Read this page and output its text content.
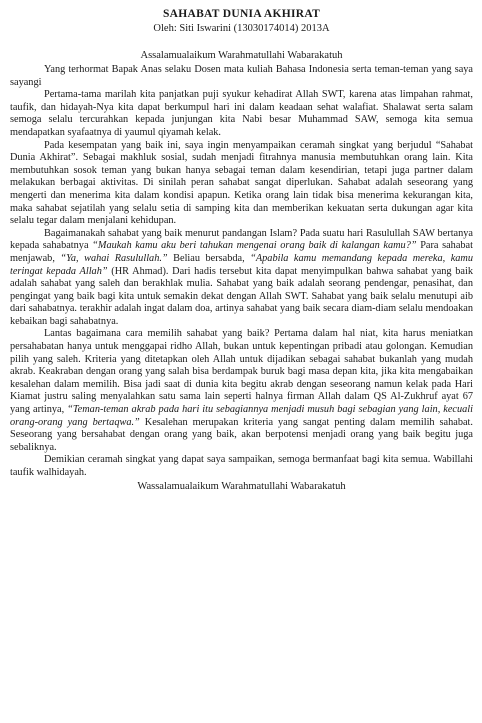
SAHABAT DUNIA AKHIRAT
Oleh: Siti Iswarini (13030174014) 2013A
Assalamualaikum Warahmatullahi Wabarakatuh

Yang terhormat Bapak Anas selaku Dosen mata kuliah Bahasa Indonesia serta teman-teman yang saya sayangi

Pertama-tama marilah kita panjatkan puji syukur kehadirat Allah SWT, karena atas limpahan rahmat, taufik, dan hidayah-Nya kita dapat berkumpul hari ini dalam keadaan sehat walafiat. Shalawat serta salam semoga selalu tercurahkan kepada junjungan kita Nabi besar Muhammad SAW, semoga kita semua mendapatkan syafaatnya di yaumul qiyamah kelak.

Pada kesempatan yang baik ini, saya ingin menyampaikan ceramah singkat yang berjudul “Sahabat Dunia Akhirat”. Sebagai makhluk sosial, sudah menjadi fitrahnya manusia membutuhkan orang lain. Kita membutuhkan sosok teman yang bukan hanya sebagai teman dalam kesendirian, tetapi juga partner dalam melakukan berbagai aktivitas. Di sinilah peran sahabat sangat diperlukan. Sahabat adalah seseorang yang mengerti dan menerima kita dalam kondisi apapun. Ketika orang lain tidak bisa menerima kekurangan kita, maka sahabat sejatilah yang selalu setia di samping kita dan memberikan kekuatan serta dukungan agar kita selalu tegar dalam menjalani kehidupan.

Bagaimanakah sahabat yang baik menurut pandangan Islam? Pada suatu hari Rasulullah SAW bertanya kepada sahabatnya “Maukah kamu aku beri tahukan mengenai orang baik di kalangan kamu?” Para sahabat menjawab, “Ya, wahai Rasulullah.” Beliau bersabda, “Apabila kamu memandang kepada mereka, kamu teringat kepada Allah” (HR Ahmad). Dari hadis tersebut kita dapat menyimpulkan bahwa sahabat yang baik adalah sahabat yang saleh dan berakhlak mulia. Sahabat yang baik adalah seorang pendengar, penasihat, dan pengingat yang baik bagi kita untuk semakin dekat dengan Allah SWT. Sahabat yang baik selalu menutupi aib dari sahabatnya. terakhir adalah ingat dalam doa, artinya sahabat yang baik secara diam-diam selalu mendoakan kebaikan bagi sahabatnya.

Lantas bagaimana cara memilih sahabat yang baik? Pertama dalam hal niat, kita harus meniatkan persahabatan hanya untuk menggapai ridho Allah, bukan untuk kepentingan pribadi atau golongan. Kemudian pilih yang saleh. Kriteria yang ditetapkan oleh Allah untuk dijadikan sebagai sahabat bukanlah yang mudah akrab. Keakraban dengan orang yang salah bisa berdampak buruk bagi masa depan kita, jika kita mengabaikan kesalehan dalam memilih. Bisa jadi saat di dunia kita begitu akrab dengan seseorang namun kelak pada Hari Kiamat justru saling menyalahkan satu sama lain seperti halnya firman Allah dalam QS Al-Zukhruf ayat 67 yang artinya, “Teman-teman akrab pada hari itu sebagiannya menjadi musuh bagi sebagian yang lain, kecuali orang-orang yang bertaqwa.” Kesalehan merupakan kriteria yang sangat penting dalam memilih sahabat. Seseorang yang bersahabat dengan orang yang baik, akan berpotensi menjadi orang yang baik begitu juga sebaliknya.

Demikian ceramah singkat yang dapat saya sampaikan, semoga bermanfaat bagi kita semua. Wabillahi taufik walhidayah.

Wassalamualaikum Warahmatullahi Wabarakatuh
